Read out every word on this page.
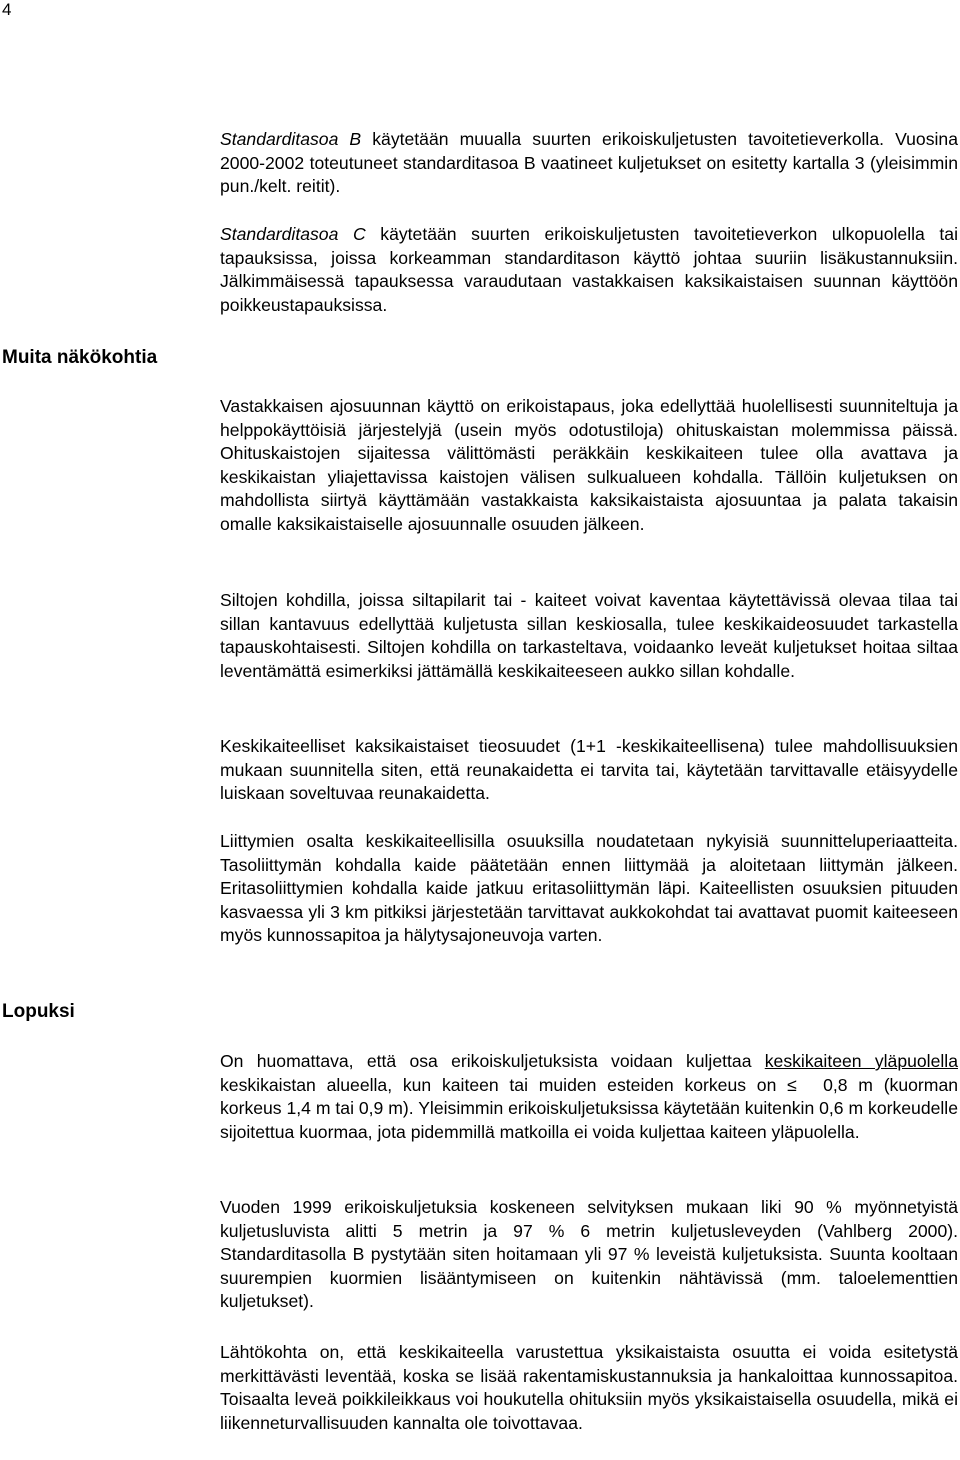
4
Muita näkökohtia
Lopuksi

Standarditasoa B käytetään muualla suurten erikoiskuljetusten tavoitetieverkolla. Vuosina 2000-2002 toteutuneet standarditasoa B vaatineet kuljetukset on esitetty kartalla 3 (yleisimmin pun./kelt. reitit).

Standarditasoa C käytetään suurten erikoiskuljetusten tavoitetieverkon ulkopuolella tai tapauksissa, joissa korkeamman standarditason käyttö johtaa suuriin lisäkustannuksiin. Jälkimmäisessä tapauksessa varaudutaan vastakkaisen kaksikaistaisen suunnan käyttöön poikkeustapauksissa.

Vastakkaisen ajosuunnan käyttö on erikoistapaus, joka edellyttää huolellisesti suunniteltuja ja helppokäyttöisiä järjestelyjä (usein myös odotustiloja) ohituskaistan molemmissa päissä. Ohituskaistojen sijaitessa välittömästi peräkkäin keskikaiteen tulee olla avattava ja keskikaistan yliajettavissa kaistojen välisen sulkualueen kohdalla. Tällöin kuljetuksen on mahdollista siirtyä käyttämään vastakkaista kaksikaistaista ajosuuntaa ja palata takaisin omalle kaksikaistaiselle ajosuunnalle osuuden jälkeen.

Siltojen kohdilla, joissa siltapilarit tai - kaiteet voivat kaventaa käytettävissä olevaa tilaa tai sillan kantavuus edellyttää kuljetusta sillan keskiosalla, tulee keskikaideosuudet tarkastella tapauskohtaisesti. Siltojen kohdilla on tarkasteltava, voidaanko leveät kuljetukset hoitaa siltaa leventämättä esimerkiksi jättämällä keskikaiteeseen aukko sillan kohdalle.

Keskikaiteelliset kaksikaistaiset tieosuudet (1+1 -keskikaiteellisena) tulee mahdollisuuksien mukaan suunnitella siten, että reunakaidetta ei tarvita tai, käytetään tarvittavalle etäisyydelle luiskaan soveltuvaa reunakaidetta.

Liittymien osalta keskikaiteellisilla osuuksilla noudatetaan nykyisiä suunnitteluperiaatteita. Tasoliittymän kohdalla kaide päätetään ennen liittymää ja aloitetaan liittymän jälkeen. Eritasoliittymien kohdalla kaide jatkuu eritasoliittymän läpi. Kaiteellisten osuuksien pituuden kasvaessa yli 3 km pitkiksi järjestetään tarvittavat aukkokohdat tai avattavat puomit kaiteeseen myös kunnossapitoa ja hälytysajoneuvoja varten.

On huomattava, että osa erikoiskuljetuksista voidaan kuljettaa keskikaiteen yläpuolella keskikaistan alueella, kun kaiteen tai muiden esteiden korkeus on ≤ 0,8 m (kuorman korkeus 1,4 m tai 0,9 m). Yleisimmin erikoiskuljetuksissa käytetään kuitenkin 0,6 m korkeudelle sijoitettua kuormaa, jota pidemmillä matkoilla ei voida kuljettaa kaiteen yläpuolella.

Vuoden 1999 erikoiskuljetuksia koskeneen selvityksen mukaan liki 90 % myönnetyistä kuljetusluvista alitti 5 metrin ja 97 % 6 metrin kuljetusleveyden (Vahlberg 2000). Standarditasolla B pystytään siten hoitamaan yli 97 % leveistä kuljetuksista. Suunta kooltaan suurempien kuormien lisääntymiseen on kuitenkin nähtävissä (mm. taloelementtien kuljetukset).

Lähtökohta on, että keskikaiteella varustettua yksikaistaista osuutta ei voida esitetystä merkittävästi leventää, koska se lisää rakentamiskustannuksia ja hankaloittaa kunnossapitoa. Toisaalta leveä poikkileikkaus voi houkutella ohituksiin myös yksikaistaisella osuudella, mikä ei liikenneturvallisuuden kannalta ole toivottavaa.
